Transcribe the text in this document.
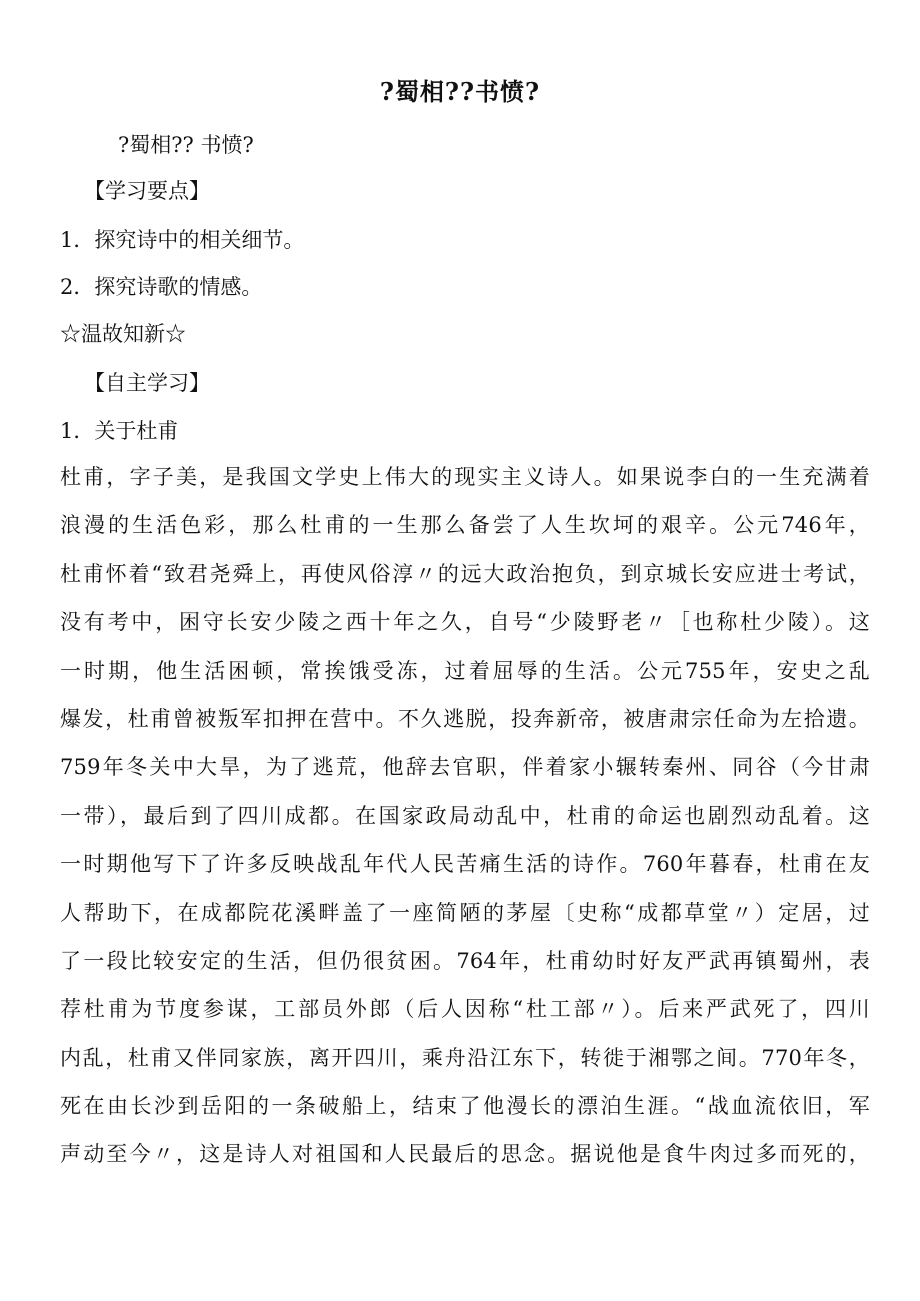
?蜀相??书愤?
?蜀相?? 书愤?
【学习要点】
1．探究诗中的相关细节。
2．探究诗歌的情感。
☆温故知新☆
【自主学习】
1．关于杜甫
杜甫，字子美，是我国文学史上伟大的现实主义诗人。如果说李白的一生充满着
浪漫的生活色彩，那么杜甫的一生那么备尝了人生坎坷的艰辛。公元746年，
杜甫怀着“致君尧舜上，再使风俗淳〃的远大政治抱负，到京城长安应进士考试，
没有考中，困守长安少陵之西十年之久，自号“少陵野老〃［也称杜少陵）。这
一时期，他生活困顿，常挨饿受冻，过着屈辱的生活。公元755年，安史之乱
爆发，杜甫曾被叛军扣押在营中。不久逃脱，投奔新帝，被唐肃宗任命为左拾遗。
759年冬关中大旱，为了逃荒，他辞去官职，伴着家小辗转秦州、同谷（今甘肃
一带），最后到了四川成都。在国家政局动乱中，杜甫的命运也剧烈动乱着。这
一时期他写下了许多反映战乱年代人民苦痛生活的诗作。760年暮春，杜甫在友
人帮助下，在成都院花溪畔盖了一座简陋的茅屋〔史称“成都草堂〃）定居，过
了一段比较安定的生活，但仍很贫困。764年，杜甫幼时好友严武再镇蜀州，表
荐杜甫为节度参谋，工部员外郎（后人因称“杜工部〃）。后来严武死了，四川
内乱，杜甫又伴同家族，离开四川，乘舟沿江东下，转徙于湘鄂之间。770年冬，
死在由长沙到岳阳的一条破船上，结束了他漫长的漂泊生涯。“战血流依旧，军
声动至今〃，这是诗人对祖国和人民最后的思念。据说他是食牛肉过多而死的，
